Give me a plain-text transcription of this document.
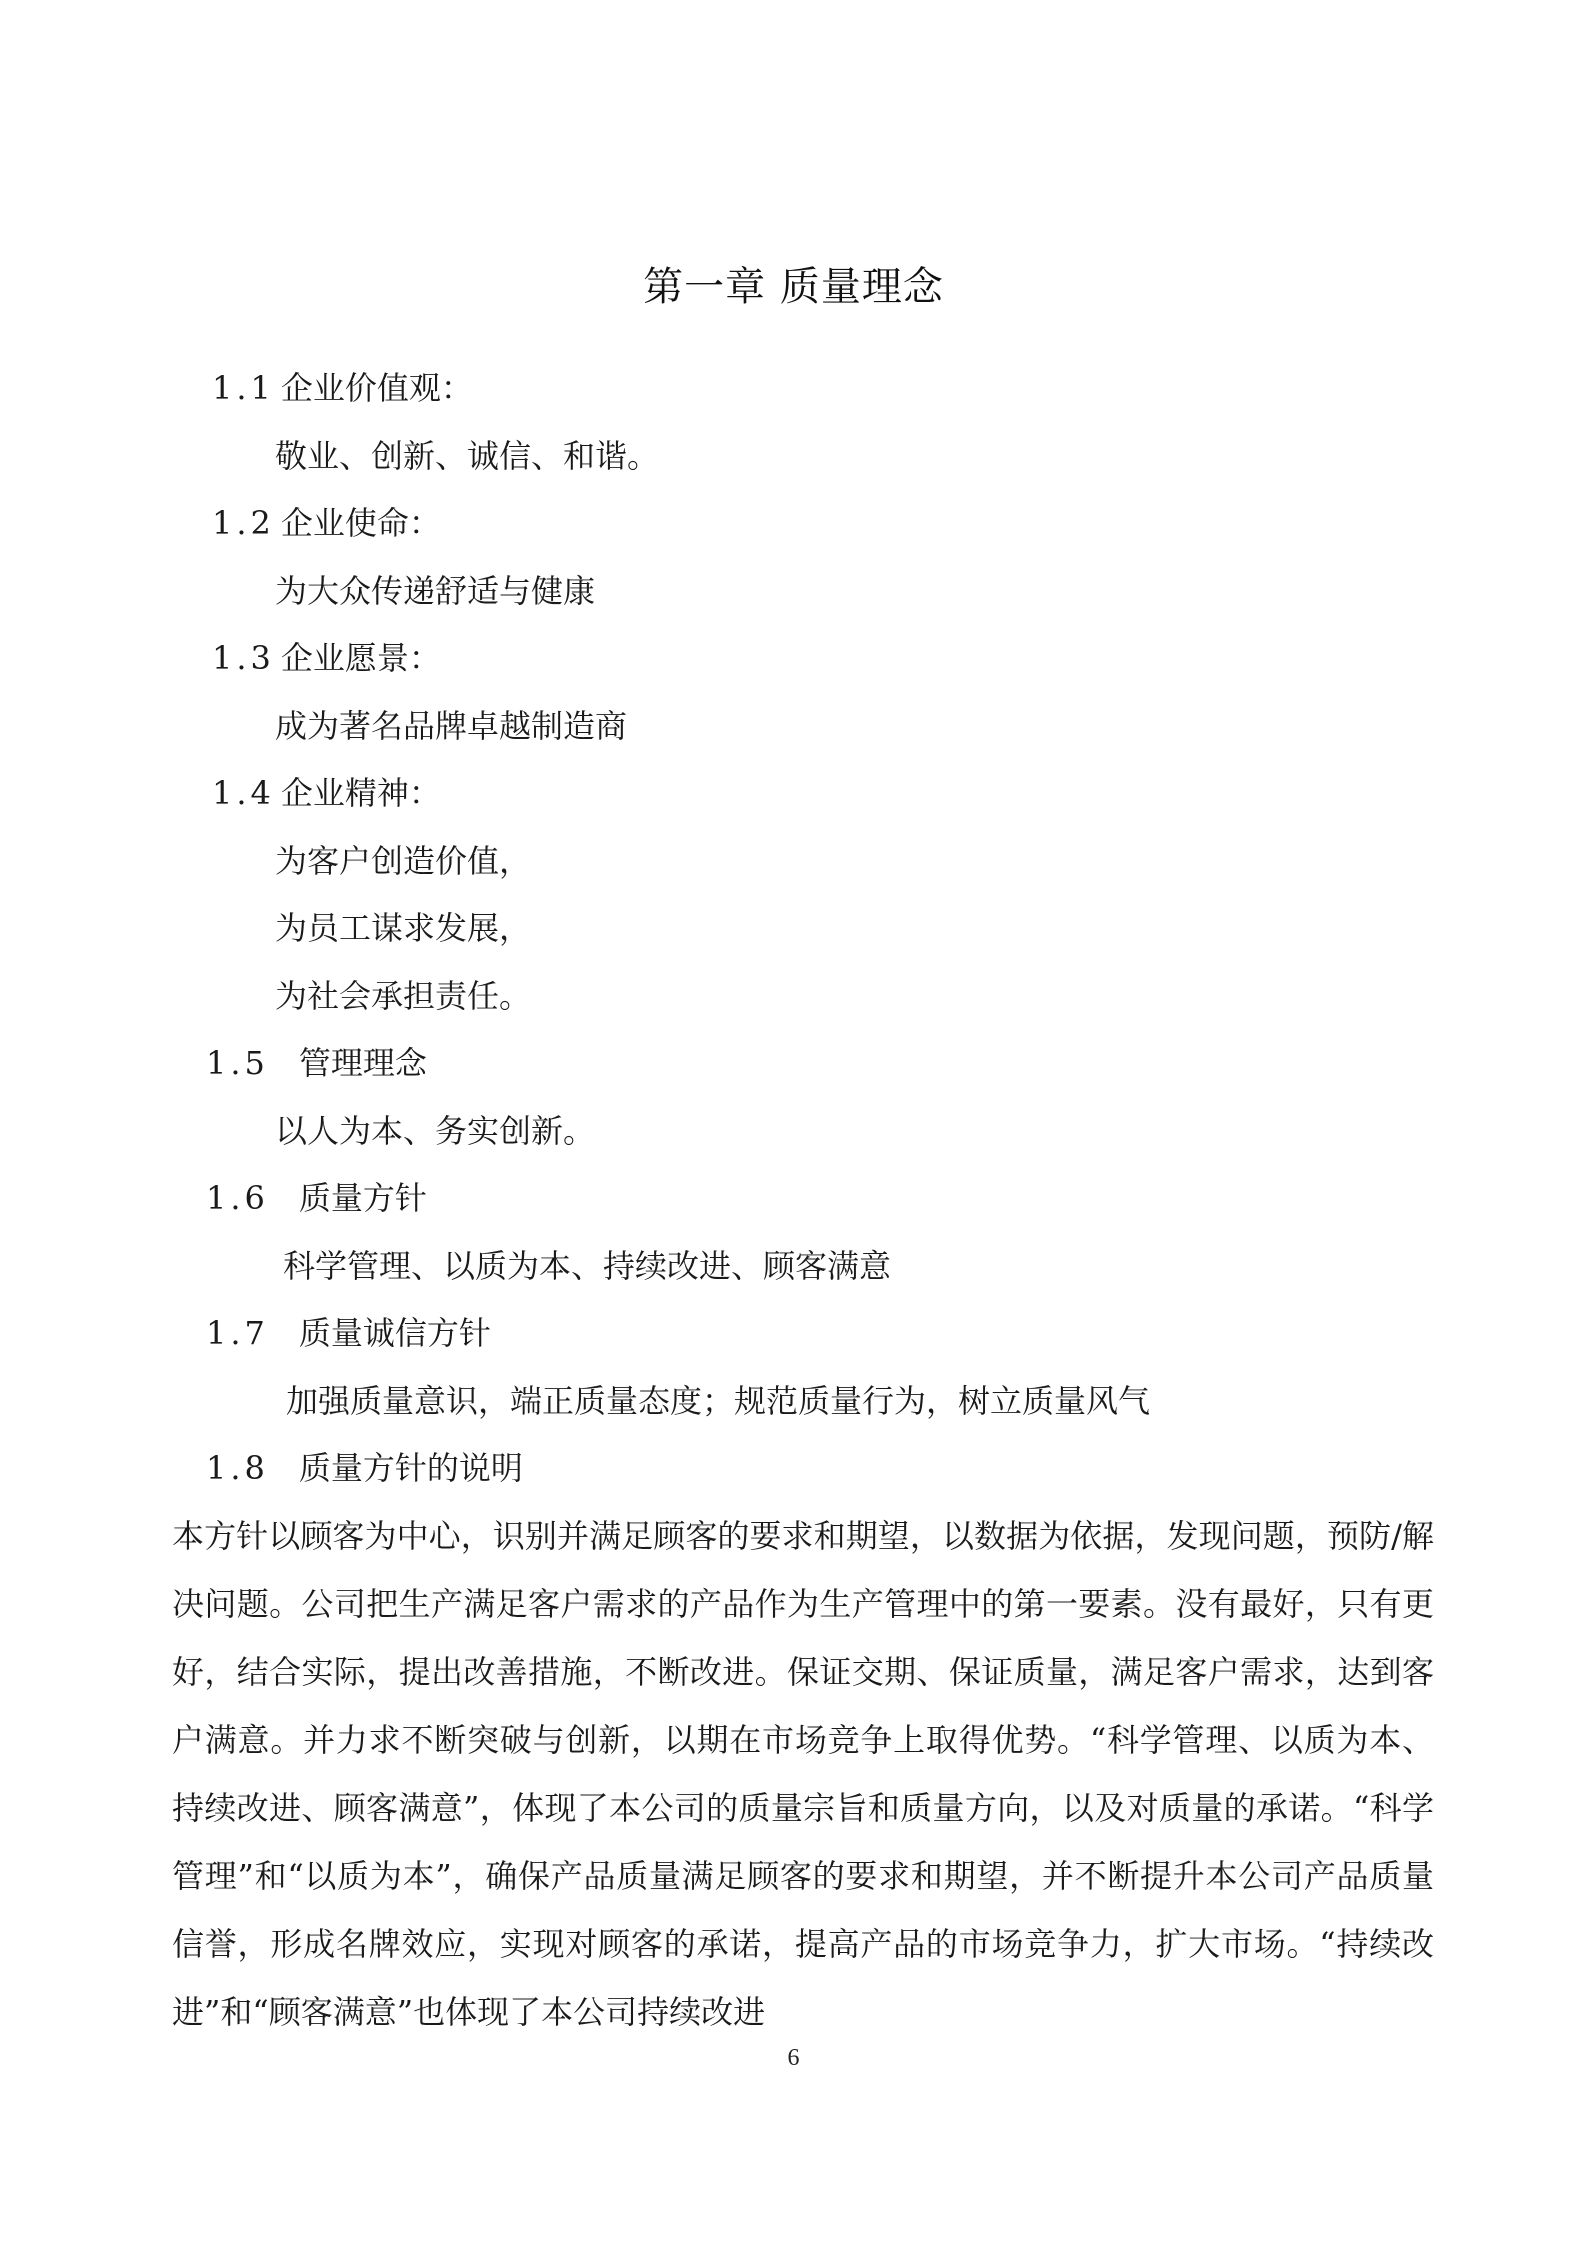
第一章 质量理念
1.1 企业价值观：
敬业、创新、诚信、和谐。
1.2 企业使命：
为大众传递舒适与健康
1.3 企业愿景：
成为著名品牌卓越制造商
1.4 企业精神：
为客户创造价值，
为员工谋求发展，
为社会承担责任。
1.5 管理理念
以人为本、务实创新。
1.6 质量方针
科学管理、以质为本、持续改进、顾客满意
1.7 质量诚信方针
加强质量意识，端正质量态度；规范质量行为，树立质量风气
1.8 质量方针的说明
本方针以顾客为中心，识别并满足顾客的要求和期望，以数据为依据，发现问题，预防/解决问题。公司把生产满足客户需求的产品作为生产管理中的第一要素。没有最好，只有更好，结合实际，提出改善措施，不断改进。保证交期、保证质量，满足客户需求，达到客户满意。并力求不断突破与创新，以期在市场竞争上取得优势。“科学管理、以质为本、持续改进、顾客满意”，体现了本公司的质量宗旨和质量方向，以及对质量的承诺。“科学管理”和“以质为本”，确保产品质量满足顾客的要求和期望，并不断提升本公司产品质量信誉，形成名牌效应，实现对顾客的承诺，提高产品的市场竞争力，扩大市场。“持续改进”和“顾客满意”也体现了本公司持续改进
6
